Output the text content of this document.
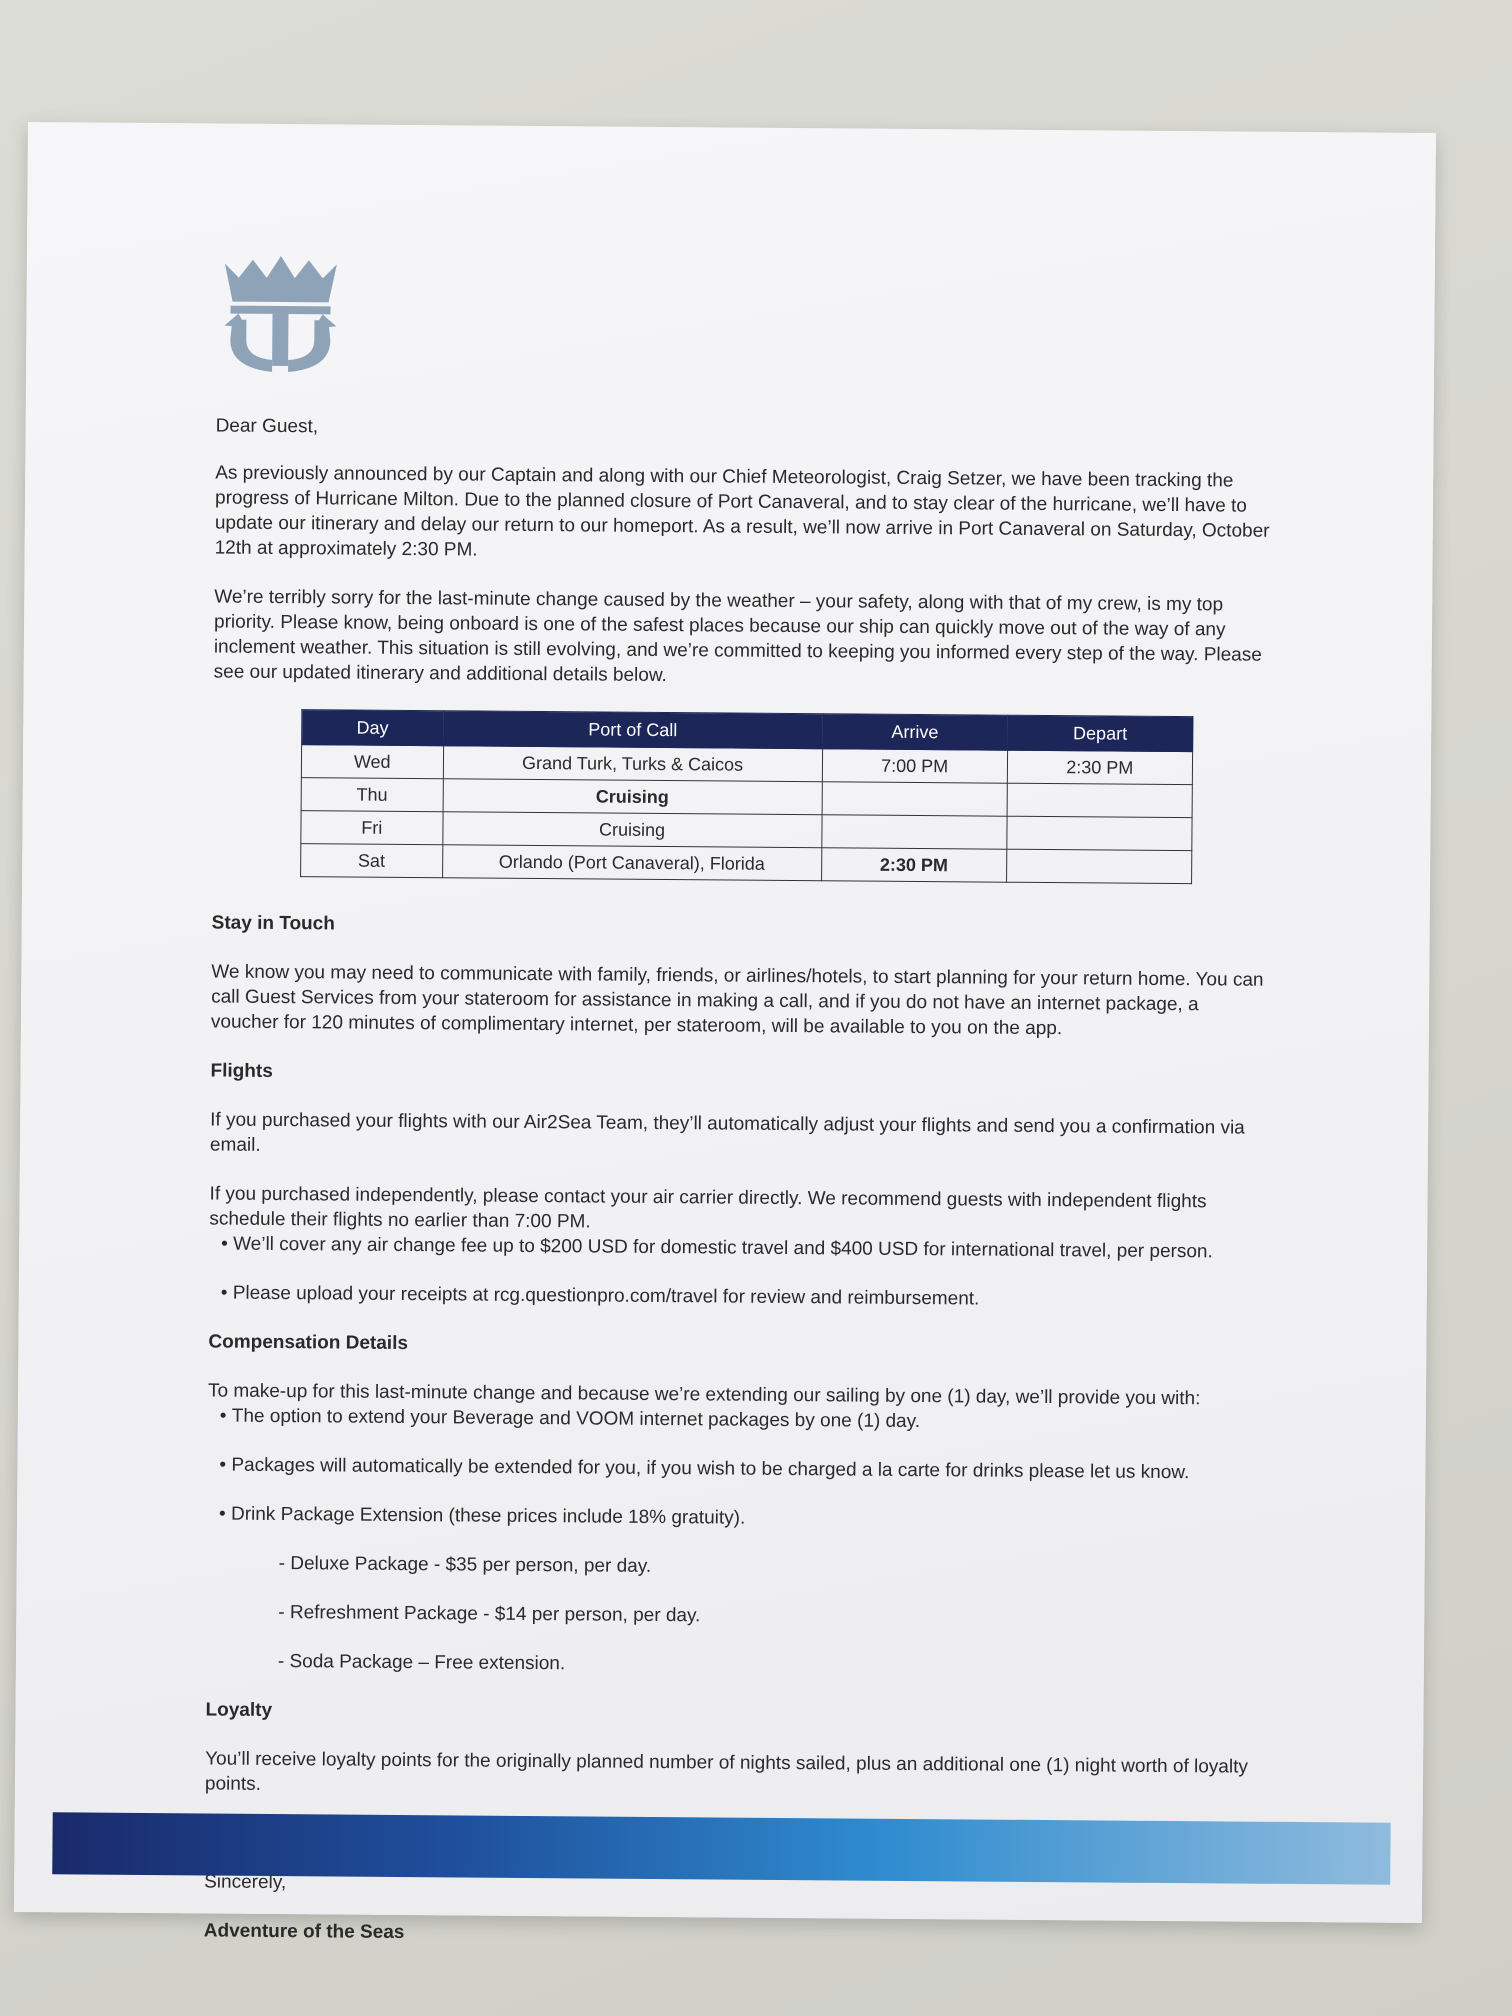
Dear Guest,

As previously announced by our Captain and along with our Chief Meteorologist, Craig Setzer, we have been tracking the progress of Hurricane Milton. Due to the planned closure of Port Canaveral, and to stay clear of the hurricane, we’ll have to update our itinerary and delay our return to our homeport. As a result, we’ll now arrive in Port Canaveral on Saturday, October 12th at approximately 2:30 PM.

We’re terribly sorry for the last-minute change caused by the weather – your safety, along with that of my crew, is my top priority. Please know, being onboard is one of the safest places because our ship can quickly move out of the way of any inclement weather. This situation is still evolving, and we’re committed to keeping you informed every step of the way. Please see our updated itinerary and additional details below.

Day	Port of Call	Arrive	Depart
Wed	Grand Turk, Turks & Caicos	7:00 PM	2:30 PM
Thu	Cruising		
Fri	Cruising		
Sat	Orlando (Port Canaveral), Florida	2:30 PM	

Stay in Touch

We know you may need to communicate with family, friends, or airlines/hotels, to start planning for your return home. You can call Guest Services from your stateroom for assistance in making a call, and if you do not have an internet package, a voucher for 120 minutes of complimentary internet, per stateroom, will be available to you on the app.

Flights

If you purchased your flights with our Air2Sea Team, they’ll automatically adjust your flights and send you a confirmation via email.

If you purchased independently, please contact your air carrier directly. We recommend guests with independent flights schedule their flights no earlier than 7:00 PM.

• We’ll cover any air change fee up to $200 USD for domestic travel and $400 USD for international travel, per person.

• Please upload your receipts at rcg.questionpro.com/travel for review and reimbursement.

Compensation Details

To make-up for this last-minute change and because we’re extending our sailing by one (1) day, we’ll provide you with:

• The option to extend your Beverage and VOOM internet packages by one (1) day.

• Packages will automatically be extended for you, if you wish to be charged a la carte for drinks please let us know.

• Drink Package Extension (these prices include 18% gratuity).

- Deluxe Package - $35 per person, per day.

- Refreshment Package - $14 per person, per day.

- Soda Package – Free extension.

Loyalty

You’ll receive loyalty points for the originally planned number of nights sailed, plus an additional one (1) night worth of loyalty points.

Sincerely,

Adventure of the Seas
